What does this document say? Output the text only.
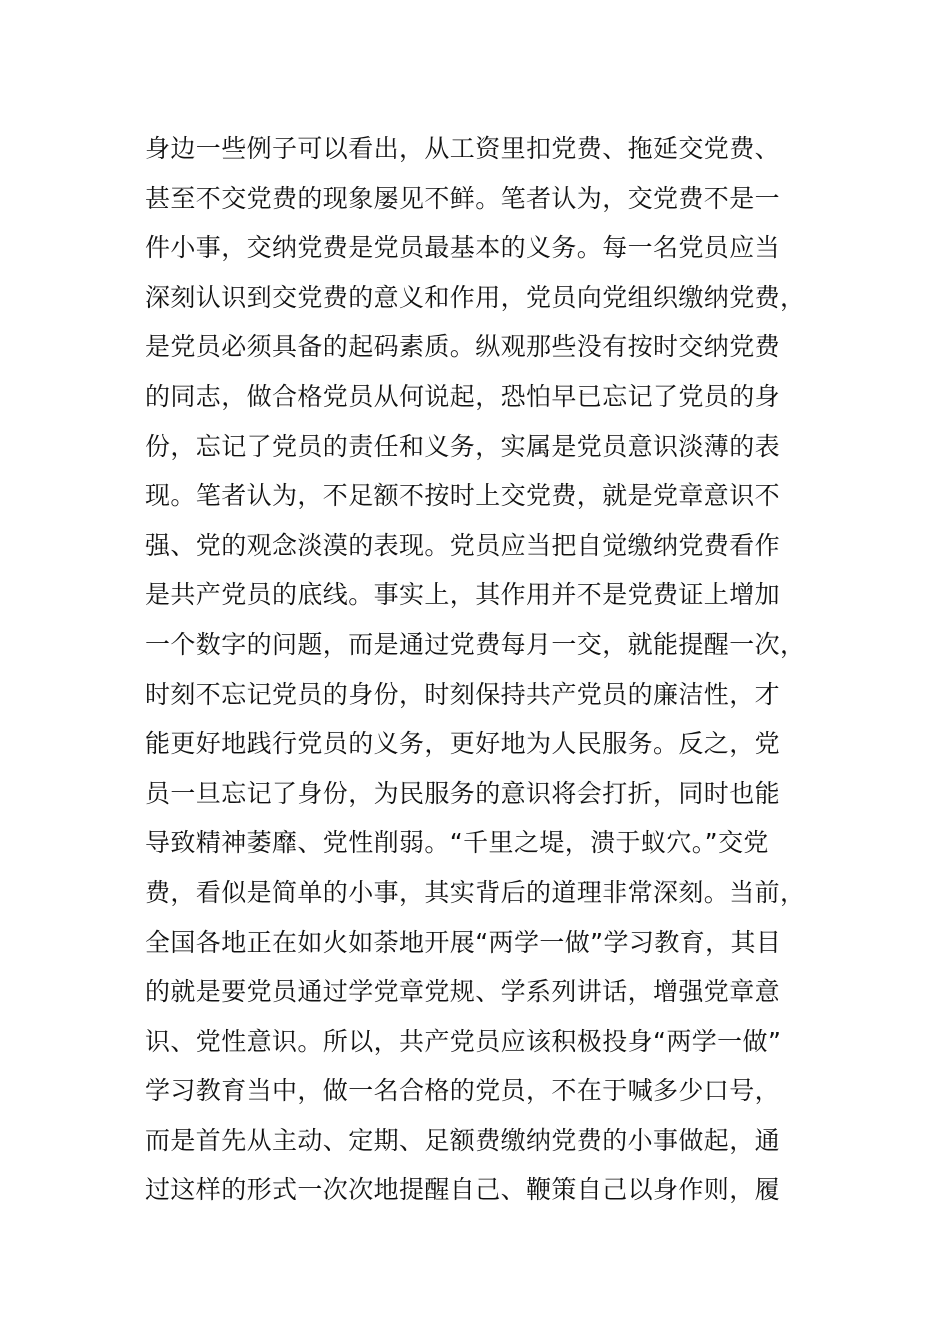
身边一些例子可以看出，从工资里扣党费、拖延交党费、
甚至不交党费的现象屡见不鲜。笔者认为，交党费不是一
件小事，交纳党费是党员最基本的义务。每一名党员应当
深刻认识到交党费的意义和作用，党员向党组织缴纳党费，
是党员必须具备的起码素质。纵观那些没有按时交纳党费
的同志，做合格党员从何说起，恐怕早已忘记了党员的身
份，忘记了党员的责任和义务，实属是党员意识淡薄的表
现。笔者认为，不足额不按时上交党费，就是党章意识不
强、党的观念淡漠的表现。党员应当把自觉缴纳党费看作
是共产党员的底线。事实上，其作用并不是党费证上增加
一个数字的问题，而是通过党费每月一交，就能提醒一次，
时刻不忘记党员的身份，时刻保持共产党员的廉洁性，才
能更好地践行党员的义务，更好地为人民服务。反之，党
员一旦忘记了身份，为民服务的意识将会打折，同时也能
导致精神萎靡、党性削弱。“千里之堤，溃于蚁穴。”交党
费，看似是简单的小事，其实背后的道理非常深刻。当前，
全国各地正在如火如荼地开展“两学一做”学习教育，其目
的就是要党员通过学党章党规、学系列讲话，增强党章意
识、党性意识。所以，共产党员应该积极投身“两学一做”
学习教育当中，做一名合格的党员，不在于喊多少口号，
而是首先从主动、定期、足额费缴纳党费的小事做起，通
过这样的形式一次次地提醒自己、鞭策自己以身作则，履
